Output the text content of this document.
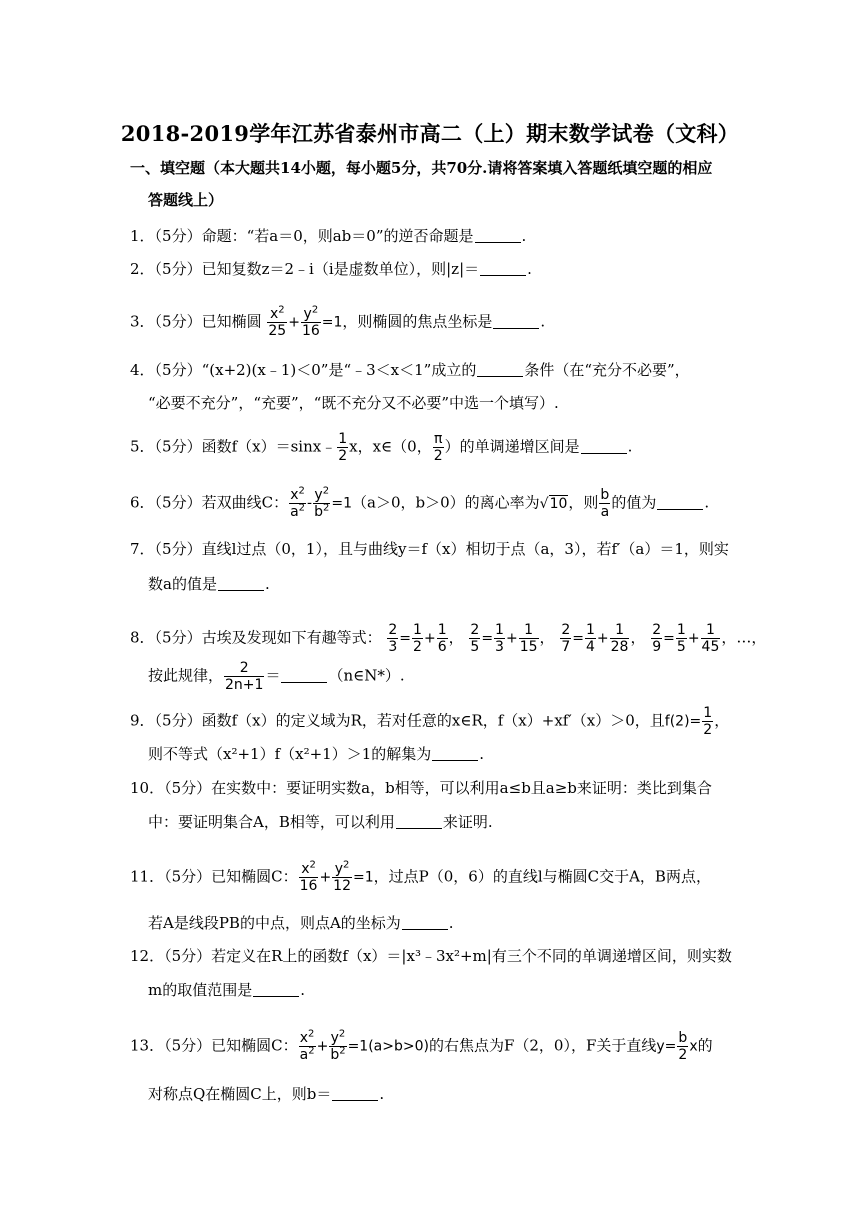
2018-2019学年江苏省泰州市高二（上）期末数学试卷（文科）
一、填空题（本大题共14小题，每小题5分，共70分.请将答案填入答题纸填空题的相应
答题线上）
1．（5分）命题：“若a＝0，则ab＝0”的逆否命题是	.
2．（5分）已知复数z＝2﹣i（i是虚数单位），则|z|＝	.
3．（5分）已知椭圆 $\frac{x^2}{25} + \frac{y^2}{16} =1$，则椭圆的焦点坐标是	.
4．（5分）“(x+2)(x﹣1)＜0”是“﹣3＜x＜1”成立的	条件（在“充分不必要”，
“必要不充分”，“充要”，“既不充分又不必要”中选一个填写）.
5．（5分）函数f（x）＝sinx﹣ $\frac{1}{2}$ x，x∈（0， $\frac{\pi}{2}$ ）的单调递增区间是	.
6．（5分）若双曲线C： $\frac{x^2}{a^2} - \frac{y^2}{b^2} =1(a>0$，b＞0）的离心率为√10，则 $\frac{b}{a}$ 的值为	.
7．（5分）直线l过点（0，1），且与曲线y＝f（x）相切于点（a，3），若f′（a）＝1，则实
数a的值是	.
8．（5分）古埃及发现如下有趣等式： $\frac{2}{3} = \frac{1}{2} + \frac{1}{6}$ ， $\frac{2}{5} = \frac{1}{3} + \frac{1}{15}$ ， $\frac{2}{7} = \frac{1}{4} + \frac{1}{28}$ ， $\frac{2}{9} = \frac{1}{5} + \frac{1}{45}$ ，…，
按此规律， $\frac{2}{2n+1}$ ＝	（n∈N*）.
9．（5分）函数f（x）的定义域为R，若对任意的x∈R，f（x）+xf′（x）＞0，且$f(2)= \frac{1}{2}$ ，
则不等式（x²+1）f（x²+1）＞1的解集为	.
10．（5分）在实数中：要证明实数a，b相等，可以利用a≤b且a≥b来证明：类比到集合
中：要证明集合A，B相等，可以利用	来证明.
11．（5分）已知椭圆C： $\frac{x^2}{16} + \frac{y^2}{12} =1$，过点P（0，6）的直线l与椭圆C交于A，B两点，
若A是线段PB的中点，则点A的坐标为	.
12．（5分）若定义在R上的函数f（x）＝|x³﹣3x²+m|有三个不同的单调递增区间，则实数
m的取值范围是	.
13．（5分）已知椭圆C： $\frac{x^2}{a^2} + \frac{y^2}{b^2} =1(a>b>0)$的右焦点为F（2，0），F关于直线$y= \frac{b}{2}$ x的
对称点Q在椭圆C上，则b＝	.
